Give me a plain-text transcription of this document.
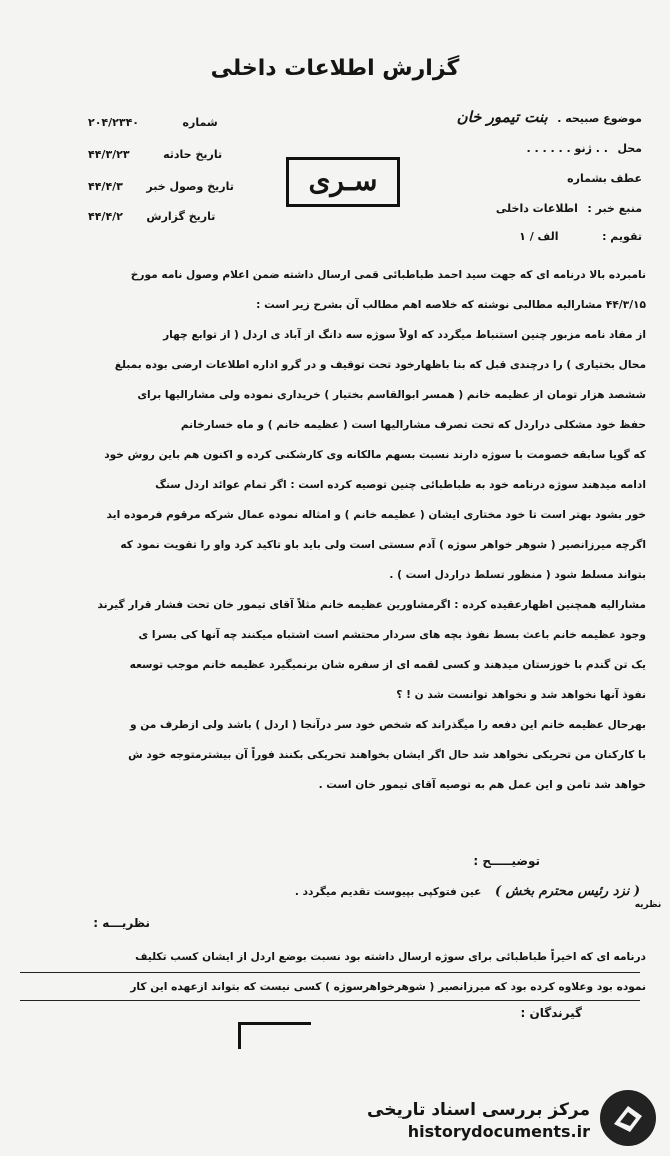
گزارش اطلاعات داخلی
موضوع صبیحه . بنت تیمور خان
محل . . ژنو . . . . . .
عطف بشماره
منبع خبر : اطلاعات داخلی
تقویم : الف / ۱
شماره ۲۰۴/۲۳۴۰
تاریخ حادثه ۴۴/۳/۲۳
تاریخ وصول خبر ۴۴/۴/۳
تاریخ گزارش ۴۴/۴/۲
سـری
نامبرده بالا درنامه ای که جهت سید احمد طباطبائی قمی ارسال داشته ضمن اعلام وصول نامه مورخ
۴۴/۳/۱۵ مشارالیه مطالبی نوشته که خلاصه اهم مطالب آن بشرح زیر است :
از مفاد نامه مزبور چنین استنباط میگردد که اولاً سوژه سه دانگ از آباد ی اردل ( از توابع چهار
محال بختیاری ) را درچندی قبل که بنا باظهارخود تحت توقیف و در گرو اداره اطلاعات ارضی بوده بمبلغ
ششصد هزار تومان از عظیمه خانم ( همسر ابوالقاسم بختیار ) خریداری نموده ولی مشارالیها برای
حفظ خود مشکلی دراردل که تحت تصرف مشارالیها است ( عظیمه خانم ) و ماه خسارخانم
که گویا سابقه خصومت با سوژه دارند نسبت بسهم مالکانه وی کارشکنی کرده و اکنون هم باین روش خود
ادامه میدهند سوژه درنامه خود به طباطبائی چنین توصیه کرده است : اگر تمام عوائد اردل سنگ
خور بشود بهتر است تا خود مختاری ایشان ( عظیمه خانم ) و امثاله نموده عمال شرکه مرقوم فرموده اید
اگرچه میرزانصیر ( شوهر خواهر سوژه ) آدم سستی است ولی باید باو تاکید کرد واو را تقویت نمود که
بتواند مسلط شود ( منظور تسلط دراردل است ) .
مشارالیه همچنین اظهارعقیده کرده : اگرمشاورین عظیمه خانم مثلاً آقای تیمور خان تحت فشار قرار گیرند
وجود عظیمه خانم باعث بسط نفوذ بچه های سردار محتشم است اشتباه میکنند چه آنها کی بسرا ی
یک تن گندم با خوزستان میدهند و کسی لقمه ای از سفره شان برنمیگیرد عظیمه خانم موجب توسعه
نفوذ آنها نخواهد شد و نخواهد توانست شد ن ! ؟
بهرحال عظیمه خانم این دفعه را میگذراند که شخص خود سر درآنجا ( اردل ) باشد ولی ازطرف من و
با کارکنان من تحریکی نخواهد شد حال اگر ایشان بخواهند تحریکی بکنند فوراً آن بیشترمتوجه خود ش
خواهد شد تامن و این عمل هم به توصیه آقای تیمور خان است .
توضیـــــح :
( نزد رئیس محترم بخش ) عین فتوکپی بپیوست تقدیم میگردد .
نظریه
نظریـــه :
درنامه ای که اخیراً طباطبائی برای سوژه ارسال داشته بود نسبت بوضع اردل از ایشان کسب تکلیف
نموده بود وعلاوه کرده بود که میرزانصیر ( شوهرخواهرسوژه ) کسی نیست که بتواند ازعهده این کار
گیرندگان :
مرکز بررسی اسناد تاریخی
historydocuments.ir
